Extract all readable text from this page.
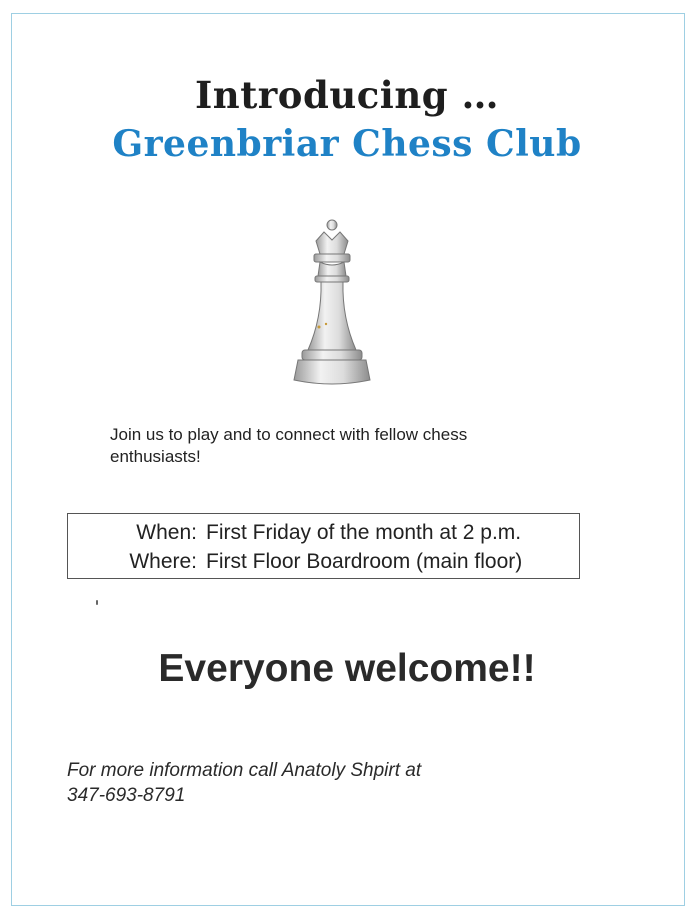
Introducing …
Greenbriar Chess Club
Join us to play and to connect with fellow chess enthusiasts!
When: First Friday of the month at 2 p.m.
Where: First Floor Boardroom (main floor)
Everyone welcome!!
For more information call Anatoly Shpirt at
347-693-8791
